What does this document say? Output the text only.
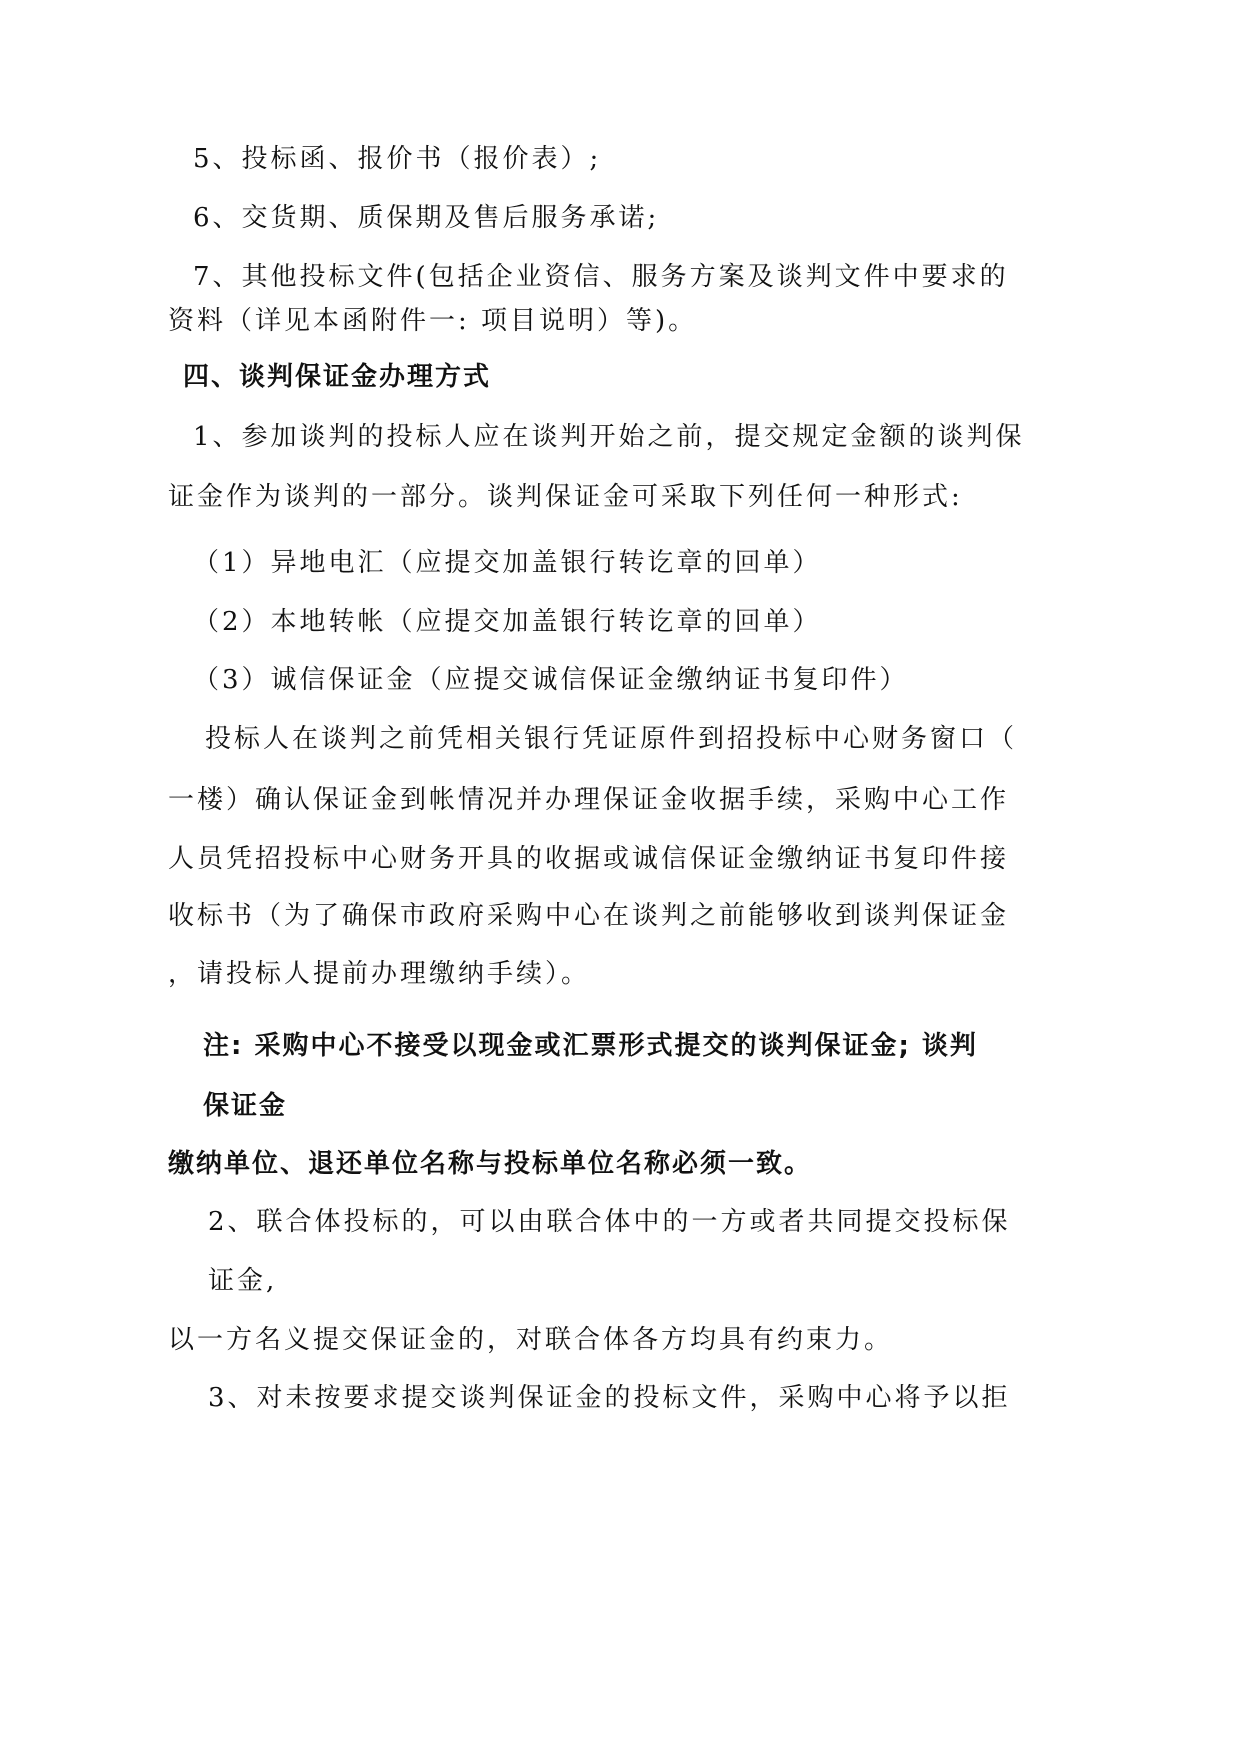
5、投标函、报价书（报价表）;
6、交货期、质保期及售后服务承诺;
7、其他投标文件(包括企业资信、服务方案及谈判文件中要求的
资料（详见本函附件一: 项目说明）等)。
四、谈判保证金办理方式
1、参加谈判的投标人应在谈判开始之前，提交规定金额的谈判保
证金作为谈判的一部分。谈判保证金可采取下列任何一种形式:
（1）异地电汇（应提交加盖银行转讫章的回单）
（2）本地转帐（应提交加盖银行转讫章的回单）
（3）诚信保证金（应提交诚信保证金缴纳证书复印件）
投标人在谈判之前凭相关银行凭证原件到招投标中心财务窗口（
一楼）确认保证金到帐情况并办理保证金收据手续，采购中心工作
人员凭招投标中心财务开具的收据或诚信保证金缴纳证书复印件接
收标书（为了确保市政府采购中心在谈判之前能够收到谈判保证金
，请投标人提前办理缴纳手续）。
注: 采购中心不接受以现金或汇票形式提交的谈判保证金; 谈判
保证金
缴纳单位、退还单位名称与投标单位名称必须一致。
2、联合体投标的，可以由联合体中的一方或者共同提交投标保
证金,
以一方名义提交保证金的，对联合体各方均具有约束力。
3、对未按要求提交谈判保证金的投标文件，采购中心将予以拒
